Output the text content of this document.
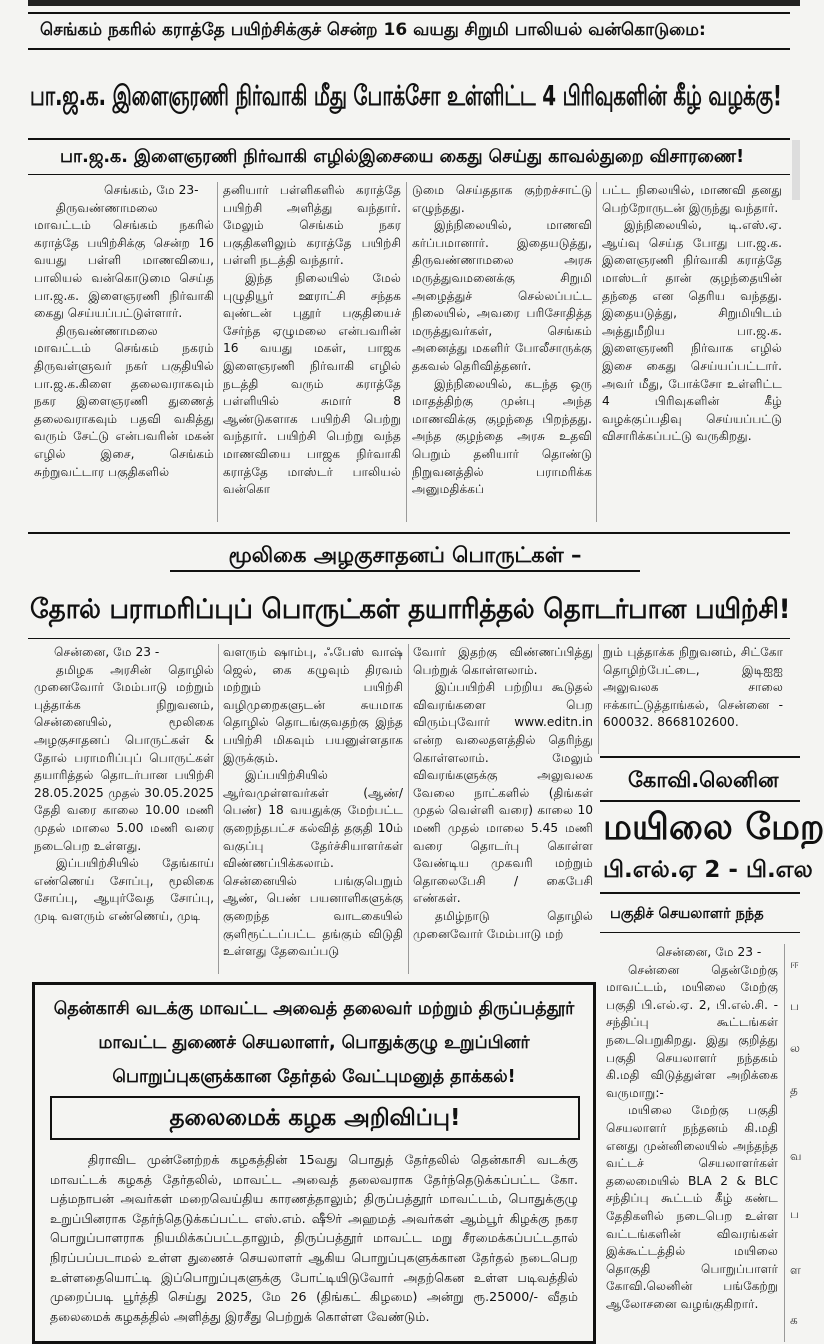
செங்கம் நகரில் கராத்தே பயிற்சிக்குச் சென்ற 16 வயது சிறுமி பாலியல் வன்கொடுமை:
பா.ஜ.க. இளைஞரணி நிர்வாகி மீது போக்சோ உள்ளிட்ட 4 பிரிவுகளின் கீழ் வழக்கு!
பா.ஜ.க. இளைஞரணி நிர்வாகி எழில்இசையை கைது செய்து காவல்துறை விசாரணை!

செங்கம், மே 23-

திருவண்ணாமலை மாவட்டம் செங்கம் நகரில் கராத்தே பயிற்சிக்கு சென்ற 16 வயது பள்ளி மாணவியை, பாலியல் வன்கொடுமை செய்த பா.ஜ.க. இளைஞரணி நிர்வாகி கைது செய்யப்பட்டுள்ளார்.

திருவண்ணாமலை மாவட்டம் செங்கம் நகரம் திருவள்ளுவர் நகர் பகுதியில் பா.ஜ.க.கிளை தலைவராகவும் நகர இளைஞரணி துணைத் தலைவராகவும் பதவி வகித்து வரும் சேட்டு என்பவரின் மகன் எழில் இசை, செங்கம் சுற்றுவட்டார பகுதிகளில்

தனியார் பள்ளிகளில் கராத்தே பயிற்சி அளித்து வந்தார். மேலும் செங்கம் நகர பகுதிகளிலும் கராத்தே பயிற்சி பள்ளி நடத்தி வந்தார்.

இந்த நிலையில் மேல் புழுதியூர் ஊராட்சி சந்தக வுண்டன் புதூர் பகுதியைச் சேர்ந்த ஏழுமலை என்பவரின் 16 வயது மகள், பாஜக இளைஞரணி நிர்வாகி எழில் நடத்தி வரும் கராத்தே பள்ளியில் சுமார் 8 ஆண்டுகளாக பயிற்சி பெற்று வந்தார். பயிற்சி பெற்று வந்த மாணவியை பாஜக நிர்வாகி கராத்தே மாஸ்டர் பாலியல் வன்கொ

டுமை செய்ததாக குற்றச்சாட்டு எழுந்தது.

இந்நிலையில், மாணவி கர்ப்பமானார். இதையடுத்து, திருவண்ணாமலை அரசு மருத்துவமனைக்கு சிறுமி அழைத்துச் செல்லப்பட்ட நிலையில், அவரை பரிசோதித்த மருத்துவர்கள், செங்கம் அனைத்து மகளிர் போலீசாருக்கு தகவல் தெரிவித்தனர்.

இந்நிலையில், கடந்த ஒரு மாதத்திற்கு முன்பு அந்த மாணவிக்கு குழந்தை பிறந்தது. அந்த குழந்தை அரசு உதவி பெறும் தனியார் தொண்டு நிறுவனத்தில் பராமரிக்க அனுமதிக்கப்

பட்ட நிலையில், மாணவி தனது பெற்றோருடன் இருந்து வந்தார்.

இந்நிலையில், டி.எஸ்.ஏ. ஆய்வு செய்த போது பா.ஜ.க. இளைஞரணி நிர்வாகி கராத்தே மாஸ்டர் தான் குழந்தையின் தந்தை என தெரிய வந்தது. இதையடுத்து, சிறுமியிடம் அத்துமீறிய பா.ஜ.க. இளைஞரணி நிர்வாக எழில் இசை கைது செய்யப்பட்டார். அவர் மீது, போக்சோ உள்ளிட்ட 4 பிரிவுகளின் கீழ் வழக்குப்பதிவு செய்யப்பட்டு விசாரிக்கப்பட்டு வருகிறது.

மூலிகை அழகுசாதனப் பொருட்கள் –
தோல் பராமரிப்புப் பொருட்கள் தயாரித்தல் தொடர்பான பயிற்சி!

சென்னை, மே 23 -

தமிழக அரசின் தொழில் முனைவோர் மேம்பாடு மற்றும் புத்தாக்க நிறுவனம், சென்னையில், மூலிகை அழகுசாதனப் பொருட்கள் & தோல் பராமரிப்புப் பொருட்கள் தயாரித்தல் தொடர்பான பயிற்சி 28.05.2025 முதல் 30.05.2025 தேதி வரை காலை 10.00 மணி முதல் மாலை 5.00 மணி வரை நடைபெற உள்ளது.

இப்பயிற்சியில் தேங்காய் எண்ணெய் சோப்பு, மூலிகை சோப்பு, ஆயுர்வேத சோப்பு, முடி வளரும் எண்ணெய், முடி

வளரும் ஷாம்பு, ஃபேஸ் வாஷ் ஜெல், கை கழுவும் திரவம் மற்றும் பயிற்சி வழிமுறைகளுடன் சுயமாக தொழில் தொடங்குவதற்கு இந்த பயிற்சி மிகவும் பயனுள்ளதாக இருக்கும்.

இப்பயிற்சியில் ஆர்வமுள்ளவர்கள் (ஆண்/பெண்) 18 வயதுக்கு மேற்பட்ட குறைந்தபட்ச கல்வித் தகுதி 10ம் வகுப்பு தேர்ச்சியாளர்கள் விண்ணப்பிக்கலாம். சென்னையில் பங்குபெறும் ஆண், பெண் பயனாளிகளுக்கு குறைந்த வாடகையில் குளிரூட்டப்பட்ட தங்கும் விடுதி உள்ளது தேவைப்படு

வோர் இதற்கு விண்ணப்பித்து பெற்றுக் கொள்ளலாம்.

இப்பயிற்சி பற்றிய கூடுதல் விவரங்களை பெற விரும்புவோர் www.editn.in என்ற வலைதளத்தில் தெரிந்து கொள்ளலாம். மேலும் விவரங்களுக்கு அலுவலக வேலை நாட்களில் (திங்கள் முதல் வெள்ளி வரை) காலை 10 மணி முதல் மாலை 5.45 மணி வரை தொடர்பு கொள்ள வேண்டிய முகவரி மற்றும் தொலைபேசி / கைபேசி எண்கள்.

தமிழ்நாடு தொழில் முனைவோர் மேம்பாடு மற்

றும் புத்தாக்க நிறுவனம், சிட்கோ தொழிற்பேட்டை, இடிஐஐ அலுவலக சாலை ஈக்காட்டுத்தாங்கல், சென்னை - 600032. 8668102600.

தென்காசி வடக்கு மாவட்ட அவைத் தலைவர் மற்றும் திருப்பத்தூர் மாவட்ட துணைச் செயலாளர், பொதுக்குழு உறுப்பினர் பொறுப்புகளுக்கான தேர்தல் வேட்புமனுத் தாக்கல்!
தலைமைக் கழக அறிவிப்பு!
திராவிட முன்னேற்றக் கழகத்தின் 15வது பொதுத் தேர்தலில் தென்காசி வடக்கு மாவட்டக் கழகத் தேர்தலில், மாவட்ட அவைத் தலைவராக தேர்ந்தெடுக்கப்பட்ட கோ. பத்மநாபன் அவர்கள் மறைவெய்திய காரணத்தாலும்; திருப்பத்தூர் மாவட்டம், பொதுக்குழு உறுப்பினராக தேர்ந்தெடுக்கப்பட்ட எஸ்.எம். ஷூீர் அஹமத் அவர்கள் ஆம்பூர் கிழக்கு நகர பொறுப்பாளராக நியமிக்கப்பட்டதாலும், திருப்பத்தூர் மாவட்ட மறு சீரமைக்கப்பட்டதால் நிரப்பப்படாமல் உள்ள துணைச் செயலாளர் ஆகிய பொறுப்புகளுக்கான தேர்தல் நடைபெற உள்ளதையொட்டி இப்பொறுப்புகளுக்கு போட்டியிடுவோர் அதற்கென உள்ள படிவத்தில் முறைப்படி பூர்த்தி செய்து 2025, மே 26 (திங்கட் கிழமை) அன்று ரூ.25000/- வீதம் தலைமைக் கழகத்தில் அளித்து இரசீது பெற்றுக் கொள்ள வேண்டும்.
கோவி.லெனின
மயிலை மேற
பி.எல்.ஏ 2 - பி.எல
பகுதிச் செயலாளர் நந்த

சென்னை, மே 23 -

சென்னை தென்மேற்கு மாவட்டம், மயிலை மேற்கு பகுதி பி.எல்.ஏ. 2, பி.எல்.சி. - சந்திப்பு கூட்டங்கள் நடைபெறுகிறது. இது குறித்து பகுதி செயலாளர் நந்தகம் கி.மதி விடுத்துள்ள அறிக்கை வருமாறு:-

மயிலை மேற்கு பகுதி செயலாளர் நந்தனம் கி.மதி எனது முன்னிலையில் அந்தந்த வட்டச் செயலாளர்கள் தலைமையில் BLA 2 & BLC சந்திப்பு கூட்டம் கீழ் கண்ட தேதிகளில் நடைபெற உள்ள வட்டங்களின் விவரங்கள் இக்கூட்டத்தில் மயிலை தொகுதி பொறுப்பாளர் கோவி.லெனின் பங்கேற்று ஆலோசனை வழங்குகிறார்.

ஈ
ப
ல
த
வ
ப
ள
க
